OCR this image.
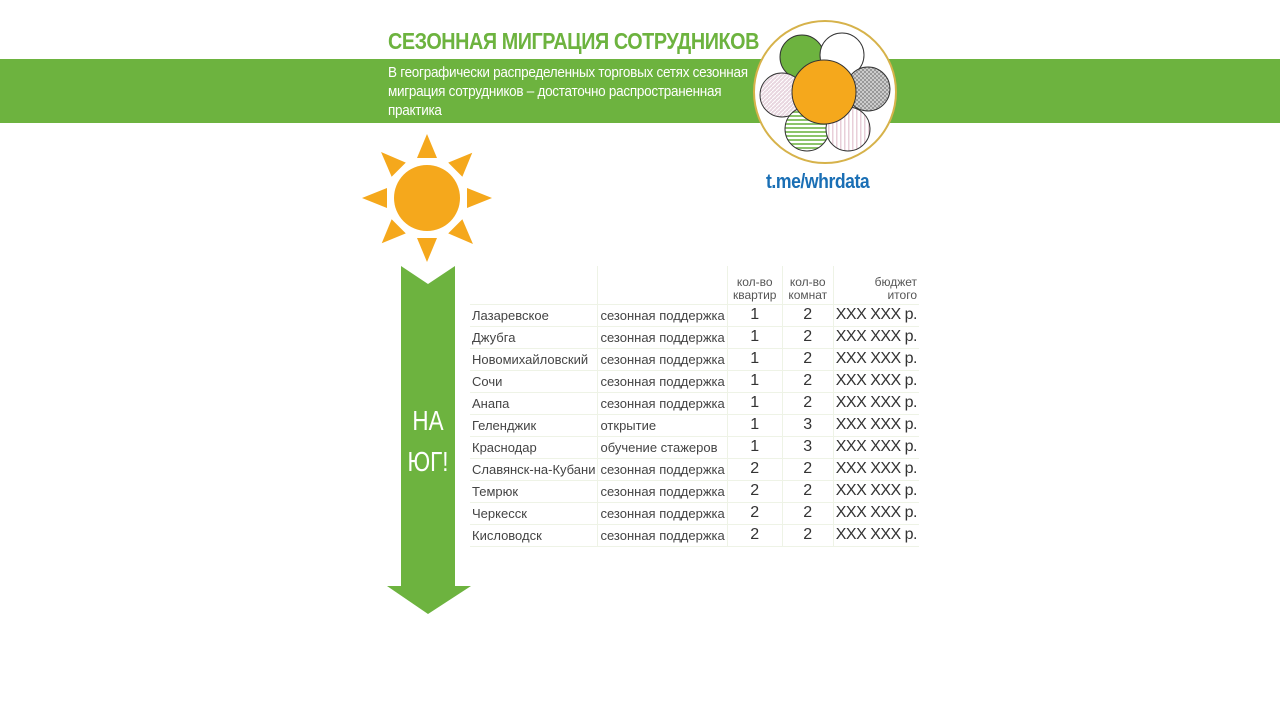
СЕЗОННАЯ МИГРАЦИЯ СОТРУДНИКОВ
В географически распределенных торговых сетях сезонная миграция сотрудников – достаточно распространенная практика
t.me/whrdata
НА
ЮГ!
		кол-во квартир	кол-во комнат	бюджет итого
Лазаревское	сезонная поддержка	1	2	XXX XXX р.
Джубга	сезонная поддержка	1	2	XXX XXX р.
Новомихайловский	сезонная поддержка	1	2	XXX XXX р.
Сочи	сезонная поддержка	1	2	XXX XXX р.
Анапа	сезонная поддержка	1	2	XXX XXX р.
Геленджик	открытие	1	3	XXX XXX р.
Краснодар	обучение стажеров	1	3	XXX XXX р.
Славянск-на-Кубани	сезонная поддержка	2	2	XXX XXX р.
Темрюк	сезонная поддержка	2	2	XXX XXX р.
Черкесск	сезонная поддержка	2	2	XXX XXX р.
Кисловодск	сезонная поддержка	2	2	XXX XXX р.
